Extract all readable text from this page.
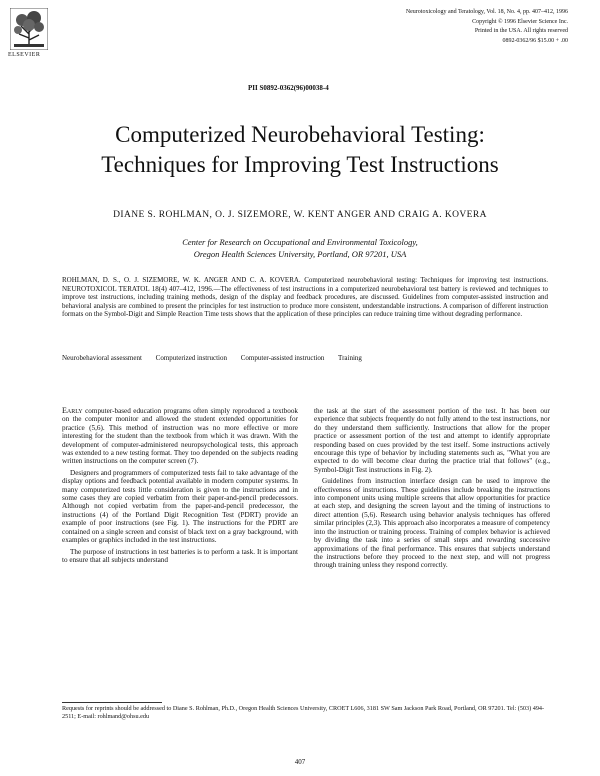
ELSEVIER
Neurotoxicology and Teratology, Vol. 18, No. 4, pp. 407–412, 1996
Copyright © 1996 Elsevier Science Inc.
Printed in the USA. All rights reserved
0892-0362/96 $15.00 + .00
PII S0892-0362(96)00038-4
Computerized Neurobehavioral Testing:
Techniques for Improving Test Instructions
DIANE S. ROHLMAN, O. J. SIZEMORE, W. KENT ANGER AND CRAIG A. KOVERA
Center for Research on Occupational and Environmental Toxicology,
Oregon Health Sciences University, Portland, OR 97201, USA
ROHLMAN, D. S., O. J. SIZEMORE, W. K. ANGER AND C. A. KOVERA. Computerized neurobehavioral testing: Techniques for improving test instructions. NEUROTOXICOL TERATOL 18(4) 407–412, 1996.—The effectiveness of test instructions in a computerized neurobehavioral test battery is reviewed and techniques to improve test instructions, including training methods, design of the display and feedback procedures, are discussed. Guidelines from computer-assisted instruction and behavioral analysis are combined to present the principles for test instruction to produce more consistent, understandable instructions. A comparison of different instruction formats on the Symbol-Digit and Simple Reaction Time tests shows that the application of these principles can reduce training time without degrading performance.
Neurobehavioral assessment Computerized instruction Computer-assisted instruction Training

Early computer-based education programs often simply reproduced a textbook on the computer monitor and allowed the student extended opportunities for practice (5,6). This method of instruction was no more effective or more interesting for the student than the textbook from which it was drawn. With the development of computer-administered neuropsychological tests, this approach was extended to a new testing format. They too depended on the subjects reading written instructions on the computer screen (7).

Designers and programmers of computerized tests fail to take advantage of the display options and feedback potential available in modern computer systems. In many computerized tests little consideration is given to the instructions and in some cases they are copied verbatim from their paper-and-pencil predecessors. Although not copied verbatim from the paper-and-pencil predecessor, the instructions (4) of the Portland Digit Recognition Test (PDRT) provide an example of poor instructions (see Fig. 1). The instructions for the PDRT are contained on a single screen and consist of black text on a gray background, with examples or graphics included in the test instructions.

The purpose of instructions in test batteries is to perform a task. It is important to ensure that all subjects understand

the task at the start of the assessment portion of the test. It has been our experience that subjects frequently do not fully attend to the test instructions, nor do they understand them sufficiently. Instructions that allow for the proper practice or assessment portion of the test and attempt to identify appropriate responding based on cues provided by the test itself. Some instructions actively encourage this type of behavior by including statements such as, "What you are expected to do will become clear during the practice trial that follows" (e.g., Symbol-Digit Test instructions in Fig. 2).

Guidelines from instruction interface design can be used to improve the effectiveness of instructions. These guidelines include breaking the instructions into component units using multiple screens that allow opportunities for practice at each step, and designing the screen layout and the timing of instructions to direct attention (5,6). Research using behavior analysis techniques has offered similar principles (2,3). This approach also incorporates a measure of competency into the instruction or training process. Training of complex behavior is achieved by dividing the task into a series of small steps and rewarding successive approximations of the final performance. This ensures that subjects understand the instructions before they proceed to the next step, and will not progress through training unless they respond correctly.

Requests for reprints should be addressed to Diane S. Rohlman, Ph.D., Oregon Health Sciences University, CROET L606, 3181 SW Sam Jackson Park Road, Portland, OR 97201. Tel: (503) 494-2511; E-mail: rohlmand@ohsu.edu
407
